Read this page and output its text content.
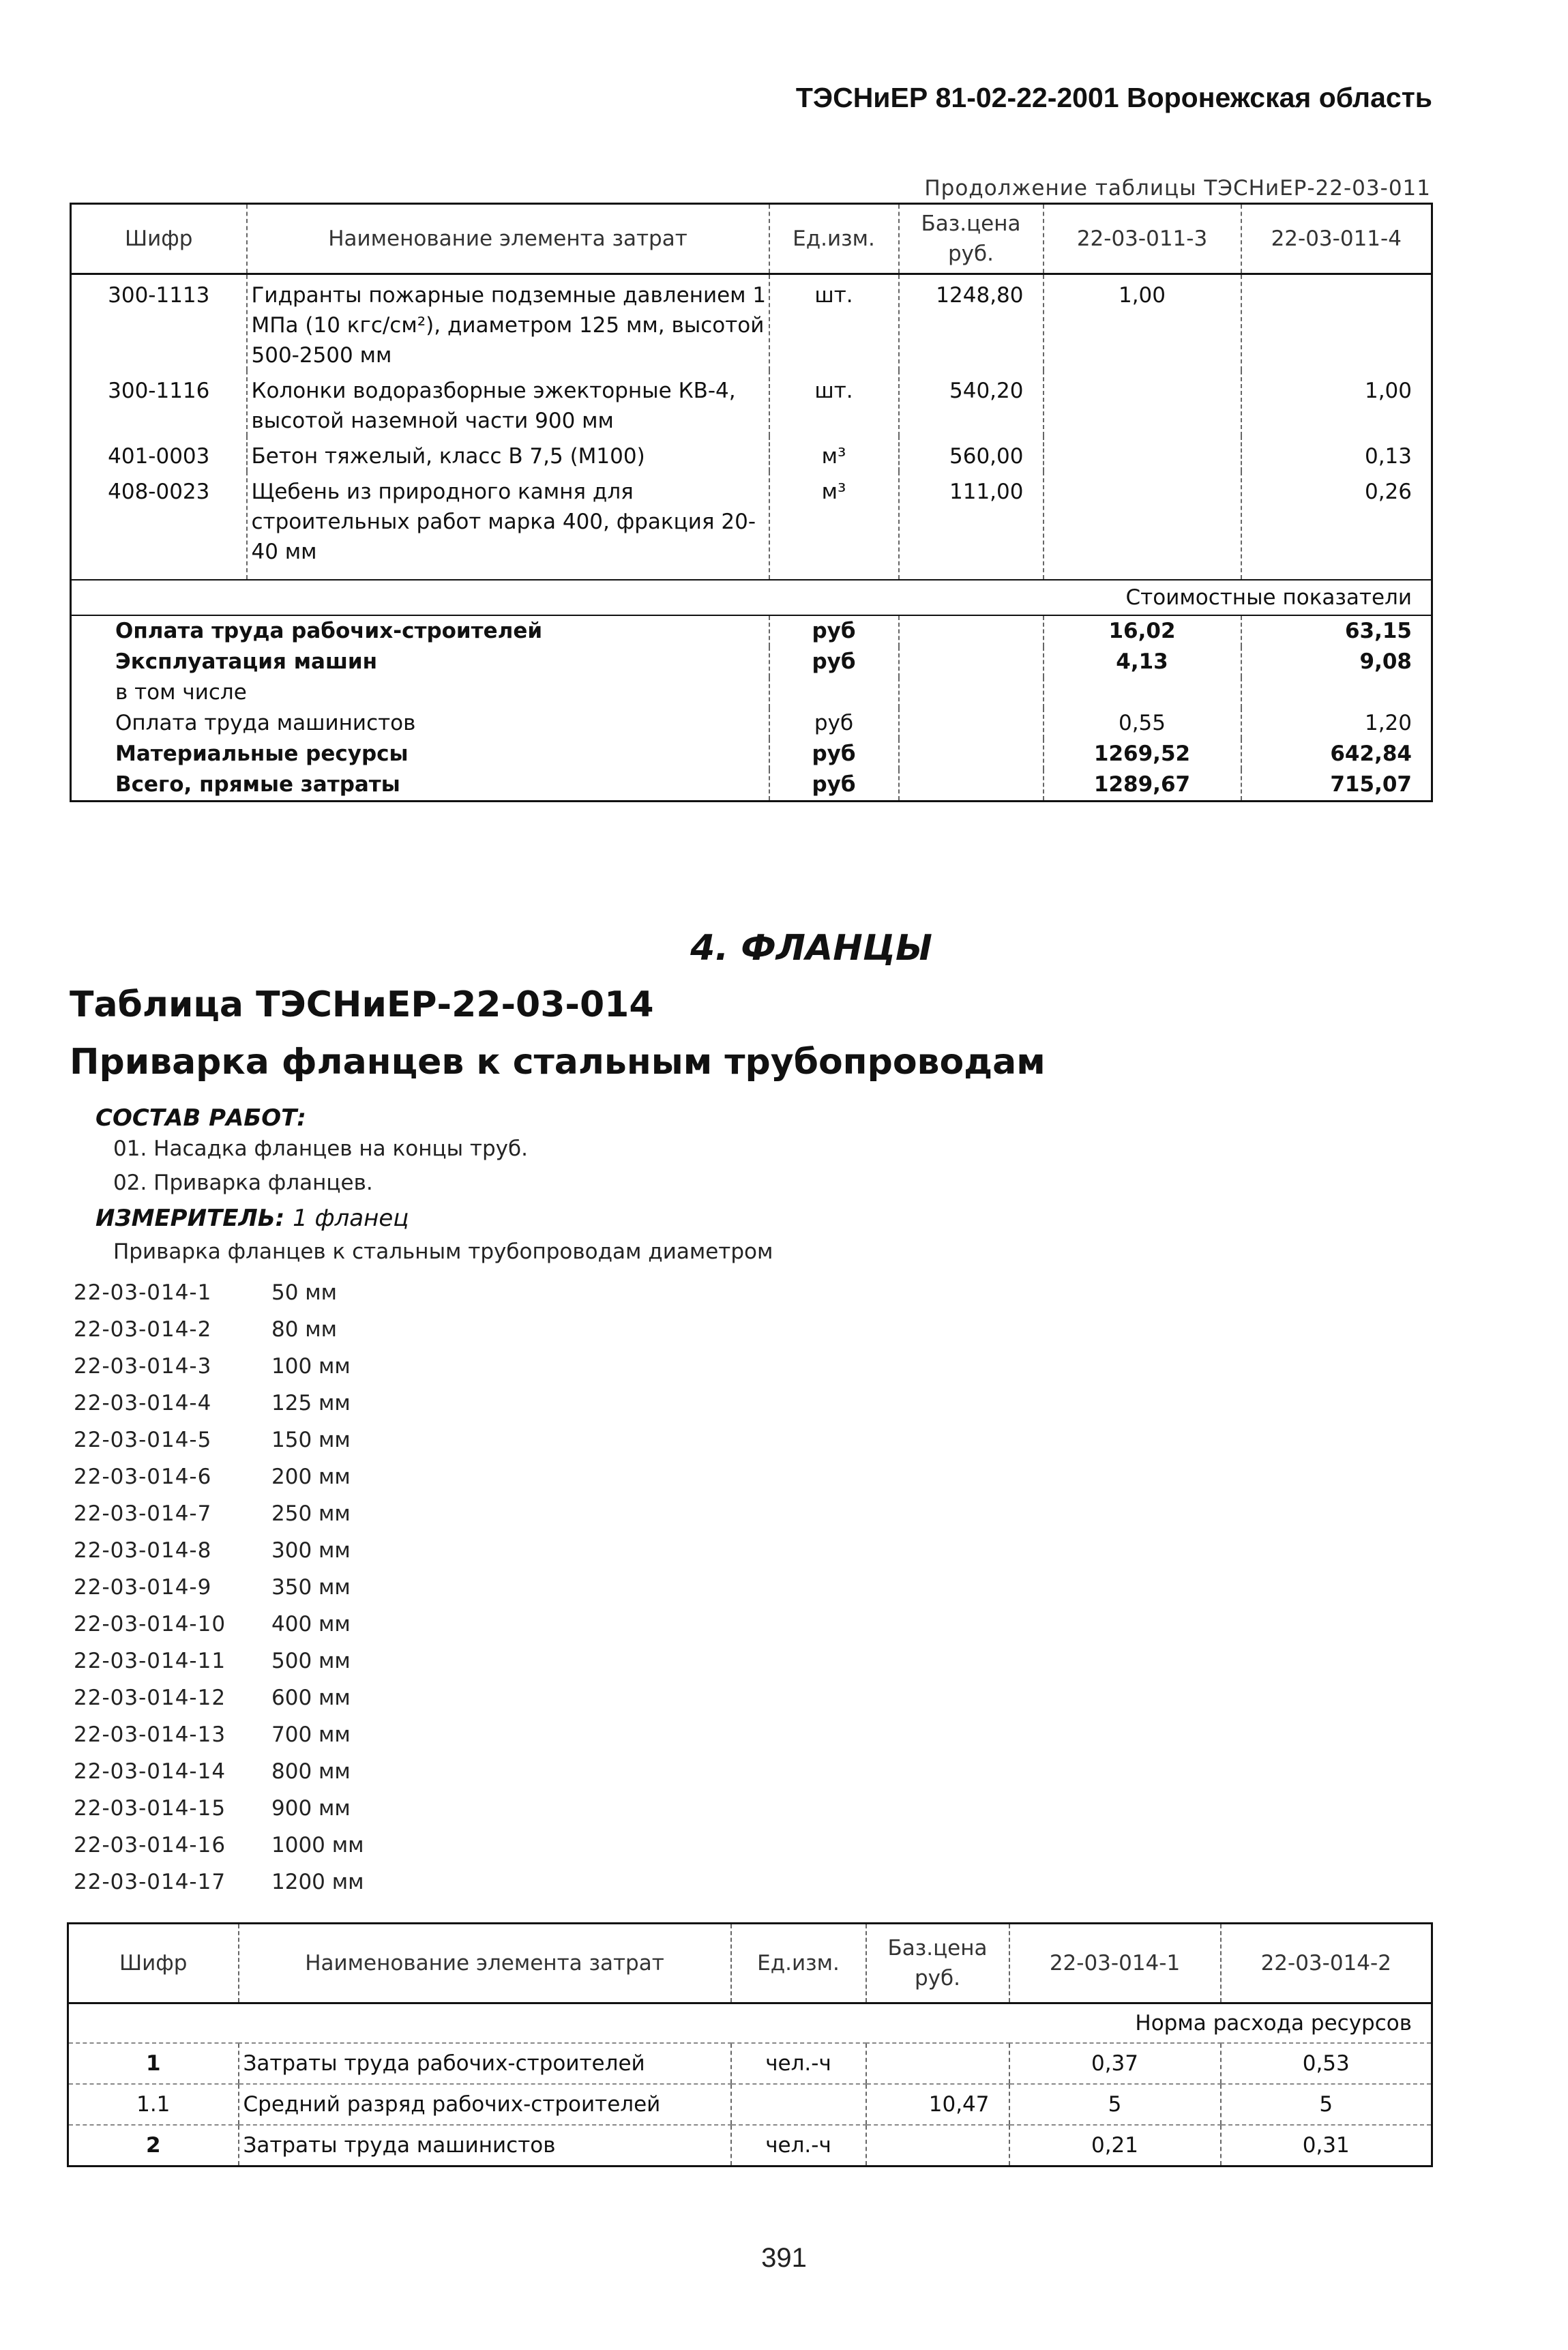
ТЭСНиЕР 81-02-22-2001 Воронежская область
Продолжение таблицы ТЭСНиЕР-22-03-011
Шифр	Наименование элемента затрат	Ед.изм.	Баз.цена руб.	22-03-011-3	22-03-011-4
300-1113	Гидранты пожарные подземные давлением 1 МПа (10 кгс/см²), диаметром 125 мм, высотой 500-2500 мм	шт.	1248,80	1,00	
300-1116	Колонки водоразборные эжекторные КВ-4, высотой наземной части 900 мм	шт.	540,20		1,00
401-0003	Бетон тяжелый, класс В 7,5 (М100)	м³	560,00		0,13
408-0023	Щебень из природного камня для строительных работ марка 400, фракция 20-40 мм	м³	111,00		0,26
Стоимостные показатели					
Оплата труда рабочих-строителей		руб		16,02	63,15
Эксплуатация машин		руб		4,13	9,08
в том числе					
Оплата труда машинистов		руб		0,55	1,20
Материальные ресурсы		руб		1269,52	642,84
Всего, прямые затраты		руб		1289,67	715,07
4. ФЛАНЦЫ
Таблица ТЭСНиЕР-22-03-014
Приварка фланцев к стальным трубопроводам
СОСТАВ РАБОТ:
01. Насадка фланцев на концы труб.
02. Приварка фланцев.
ИЗМЕРИТЕЛЬ: 1 фланец
Приварка фланцев к стальным трубопроводам диаметром
22-03-014-1	50 мм
22-03-014-2	80 мм
22-03-014-3	100 мм
22-03-014-4	125 мм
22-03-014-5	150 мм
22-03-014-6	200 мм
22-03-014-7	250 мм
22-03-014-8	300 мм
22-03-014-9	350 мм
22-03-014-10 400 мм
22-03-014-11 500 мм
22-03-014-12 600 мм
22-03-014-13 700 мм
22-03-014-14 800 мм
22-03-014-15 900 мм
22-03-014-16 1000 мм
22-03-014-17 1200 мм
Шифр	Наименование элемента затрат	Ед.изм.	Баз.цена руб.	22-03-014-1	22-03-014-2
Норма расхода ресурсов					
1	Затраты труда рабочих-строителей	чел.-ч		0,37	0,53
1.1	Средний разряд рабочих-строителей		10,47	5	5
2	Затраты труда машинистов	чел.-ч		0,21	0,31
391
